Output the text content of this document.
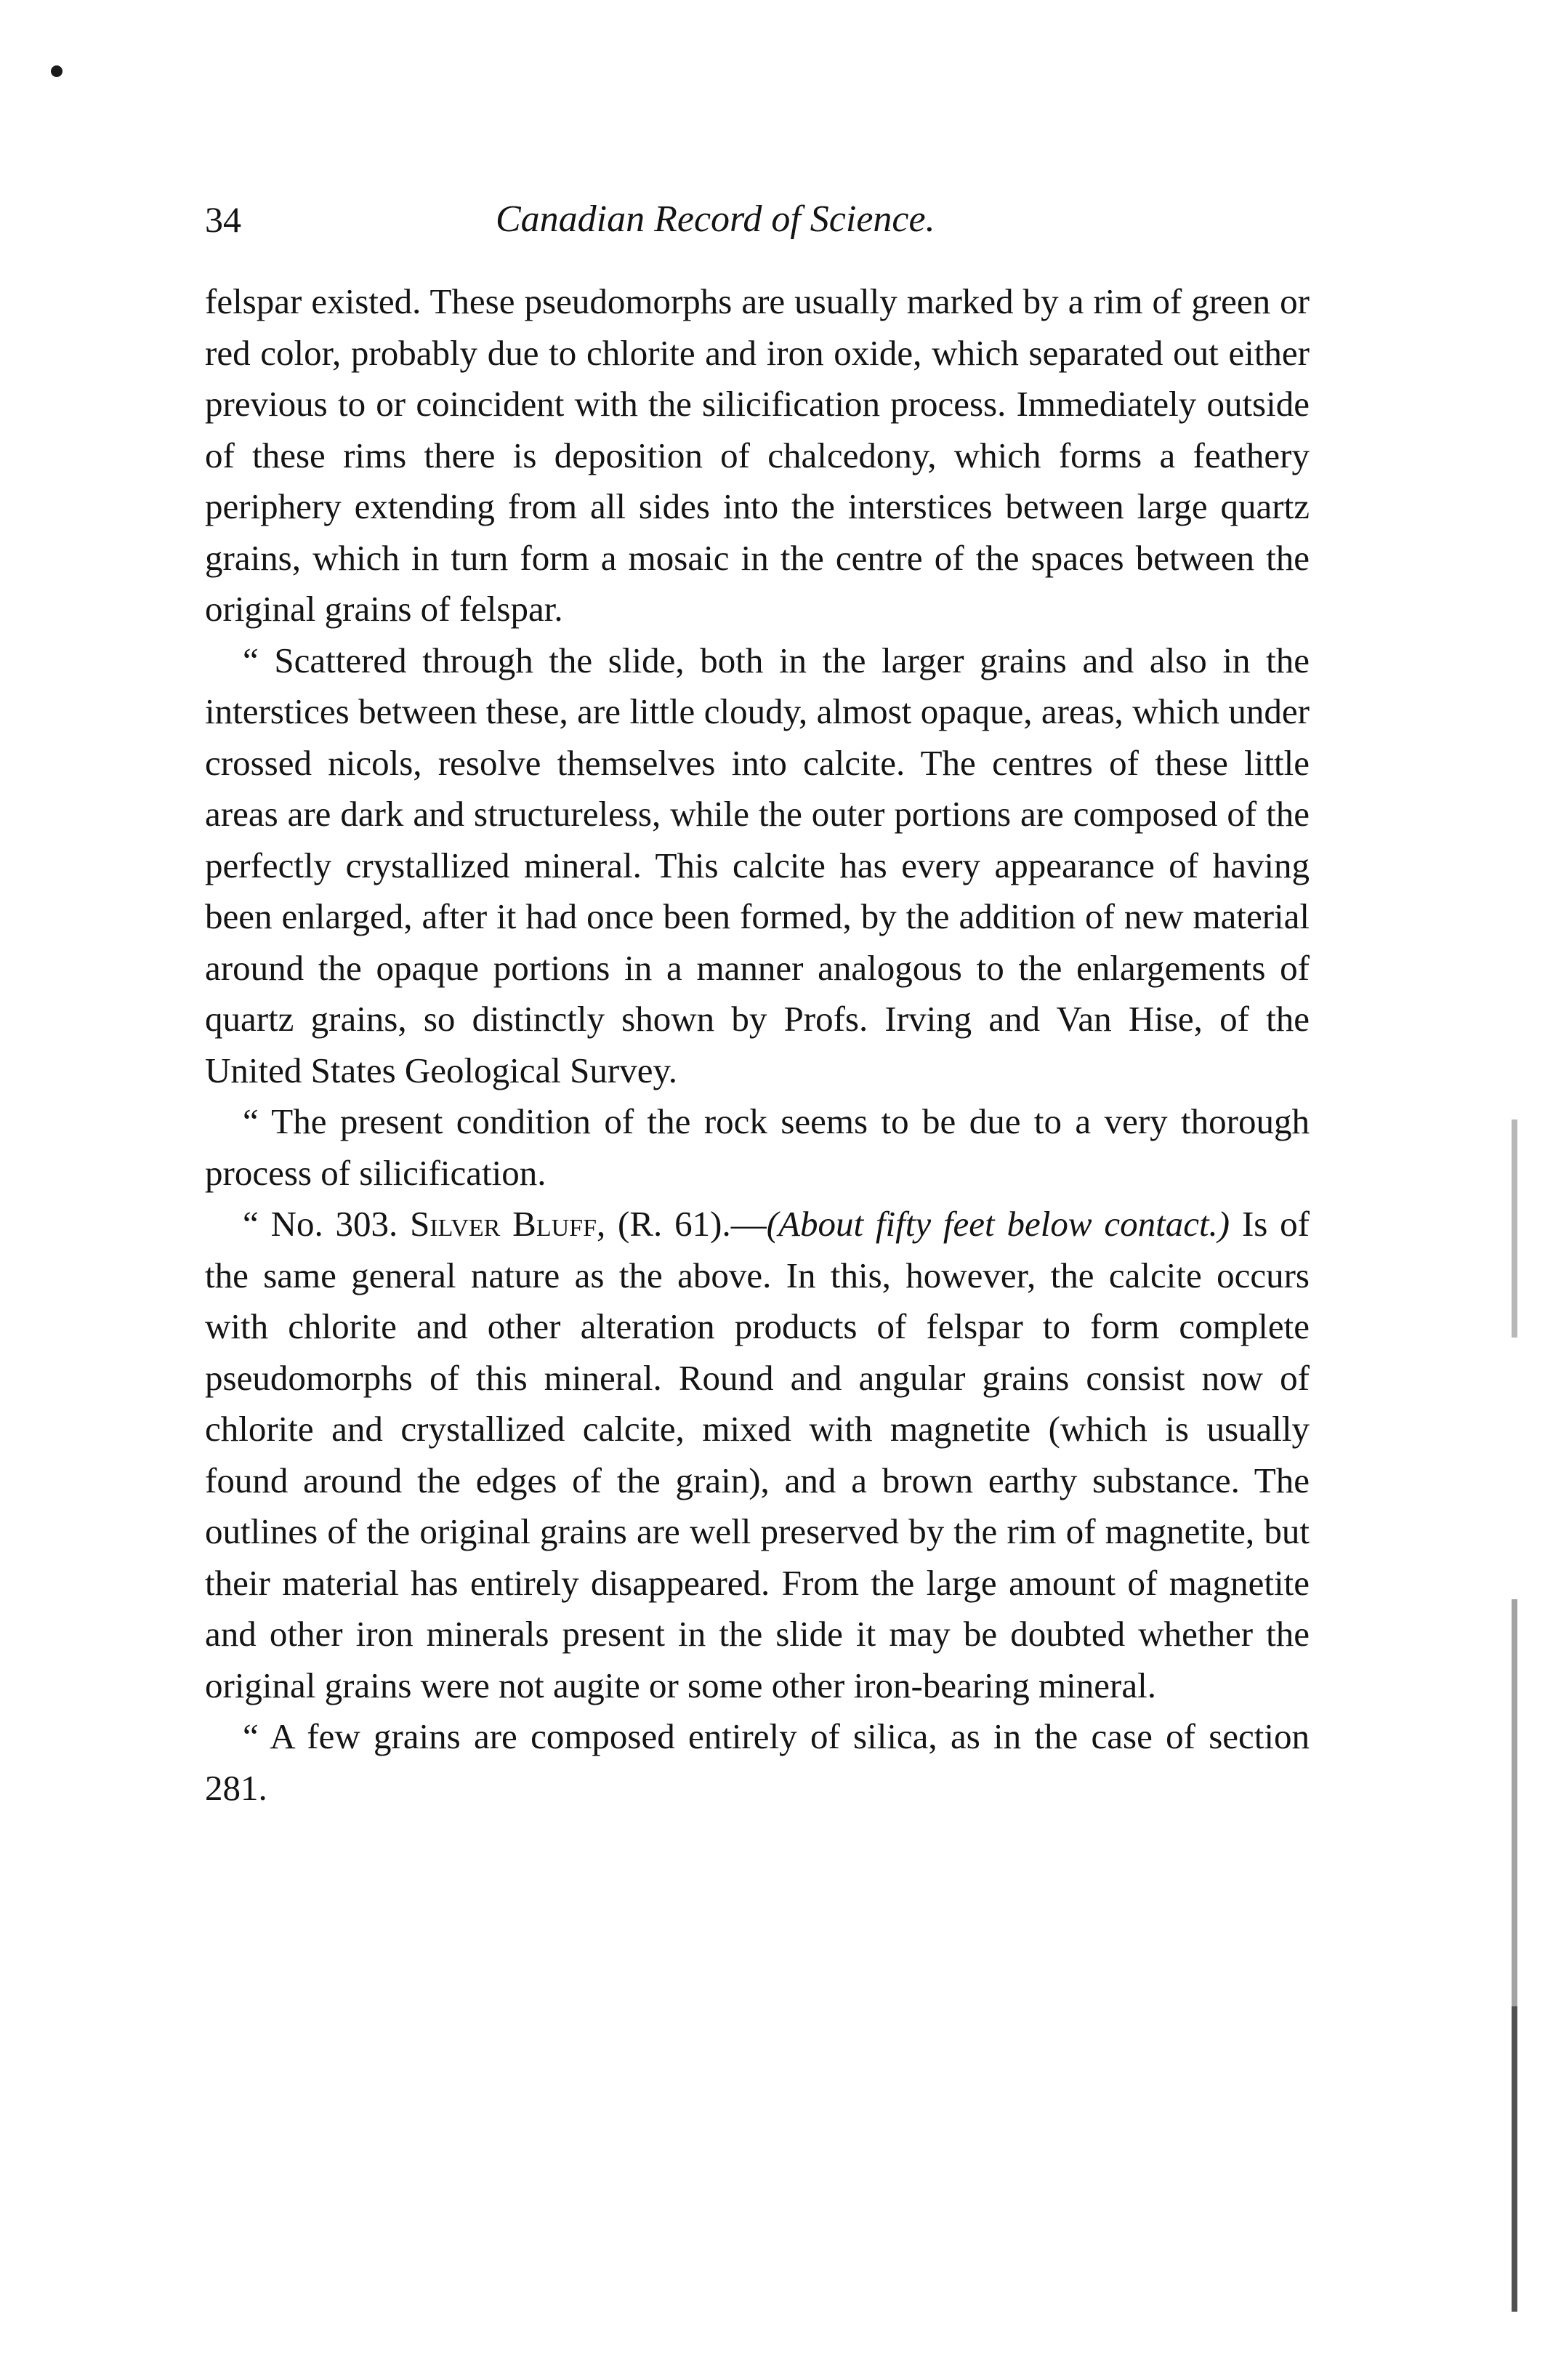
34	Canadian Record of Science.

felspar existed. These pseudomorphs are usually marked by a rim of green or red color, probably due to chlorite and iron oxide, which separated out either previous to or coincident with the silicification process. Immediately outside of these rims there is deposition of chalcedony, which forms a feathery periphery extending from all sides into the interstices between large quartz grains, which in turn form a mosaic in the centre of the spaces between the original grains of felspar.

“ Scattered through the slide, both in the larger grains and also in the interstices between these, are little cloudy, almost opaque, areas, which under crossed nicols, resolve themselves into calcite. The centres of these little areas are dark and structureless, while the outer portions are composed of the perfectly crystallized mineral. This calcite has every appearance of having been enlarged, after it had once been formed, by the addition of new material around the opaque portions in a manner analogous to the enlargements of quartz grains, so distinctly shown by Profs. Irving and Van Hise, of the United States Geological Survey.

“ The present condition of the rock seems to be due to a very thorough process of silicification.

“ No. 303. Silver Bluff, (R. 61).—(About fifty feet below contact.) Is of the same general nature as the above. In this, however, the calcite occurs with chlorite and other alteration products of felspar to form complete pseudomorphs of this mineral. Round and angular grains consist now of chlorite and crystallized calcite, mixed with magnetite (which is usually found around the edges of the grain), and a brown earthy substance. The outlines of the original grains are well preserved by the rim of magnetite, but their material has entirely disappeared. From the large amount of magnetite and other iron minerals present in the slide it may be doubted whether the original grains were not augite or some other iron-bearing mineral.

“ A few grains are composed entirely of silica, as in the case of section 281.
